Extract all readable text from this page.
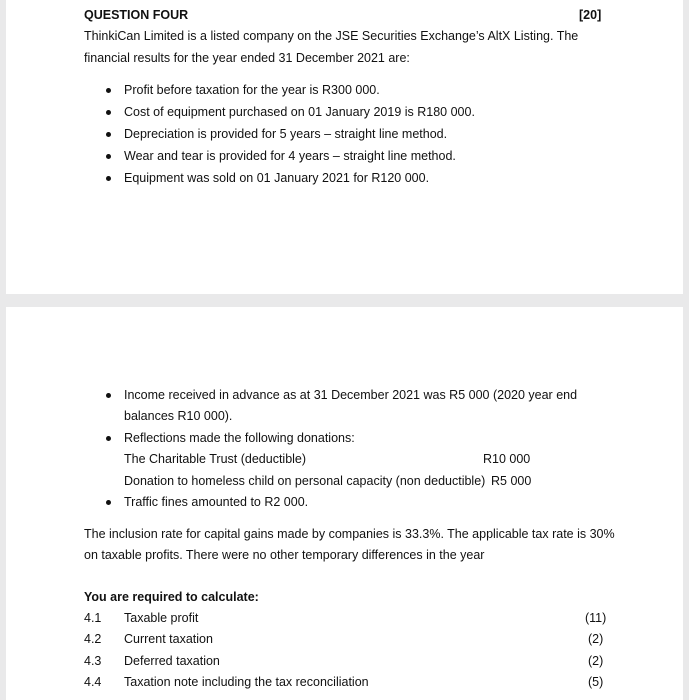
QUESTION FOUR	[20]
ThinkiCan Limited is a listed company on the JSE Securities Exchange’s AltX Listing. The
financial results for the year ended 31 December 2021 are:
Profit before taxation for the year is R300 000.
Cost of equipment purchased on 01 January 2019 is R180 000.
Depreciation is provided for 5 years – straight line method.
Wear and tear is provided for 4 years – straight line method.
Equipment was sold on 01 January 2021 for R120 000.
Income received in advance as at 31 December 2021 was R5 000 (2020 year end
balances R10 000).
Reflections made the following donations:
The Charitable Trust (deductible)	R10 000
Donation to homeless child on personal capacity (non deductible) R5 000
Traffic fines amounted to R2 000.
The inclusion rate for capital gains made by companies is 33.3%. The applicable tax rate is 30%
on taxable profits. There were no other temporary differences in the year
You are required to calculate:
4.1 Taxable profit	(11)
4.2 Current taxation	(2)
4.3 Deferred taxation	(2)
4.4 Taxation note including the tax reconciliation	(5)
